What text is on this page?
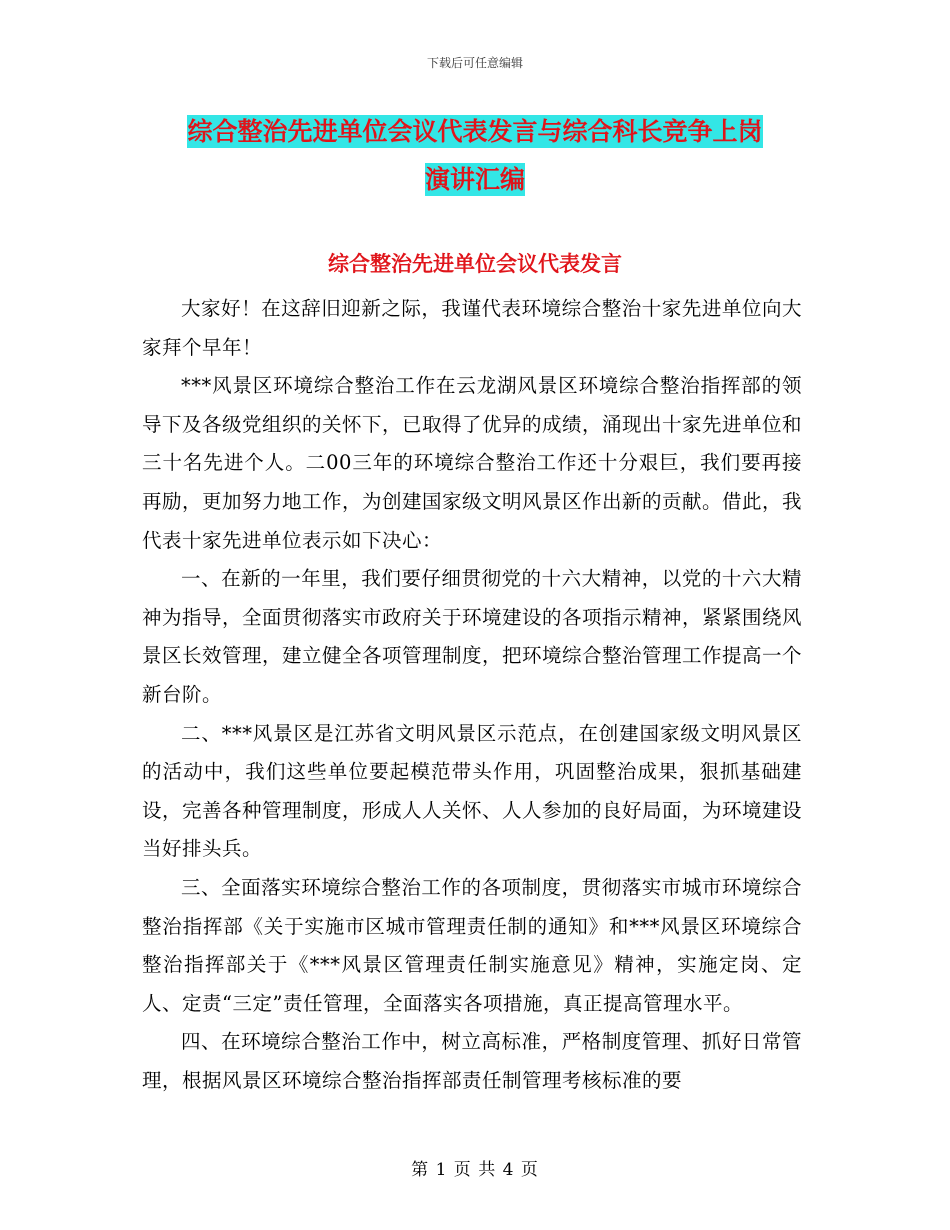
下载后可任意编辑
综合整治先进单位会议代表发言与综合科长竞争上岗
演讲汇编
综合整治先进单位会议代表发言

大家好！在这辞旧迎新之际，我谨代表环境综合整治十家先进单位向大家拜个早年！

***风景区环境综合整治工作在云龙湖风景区环境综合整治指挥部的领导下及各级党组织的关怀下，已取得了优异的成绩，涌现出十家先进单位和三十名先进个人。二00三年的环境综合整治工作还十分艰巨，我们要再接再励，更加努力地工作，为创建国家级文明风景区作出新的贡献。借此，我代表十家先进单位表示如下决心：

一、在新的一年里，我们要仔细贯彻党的十六大精神，以党的十六大精神为指导，全面贯彻落实市政府关于环境建设的各项指示精神，紧紧围绕风景区长效管理，建立健全各项管理制度，把环境综合整治管理工作提高一个新台阶。

二、***风景区是江苏省文明风景区示范点，在创建国家级文明风景区的活动中，我们这些单位要起模范带头作用，巩固整治成果，狠抓基础建设，完善各种管理制度，形成人人关怀、人人参加的良好局面，为环境建设当好排头兵。

三、全面落实环境综合整治工作的各项制度，贯彻落实市城市环境综合整治指挥部《关于实施市区城市管理责任制的通知》和***风景区环境综合整治指挥部关于《***风景区管理责任制实施意见》精神，实施定岗、定人、定责“三定”责任管理，全面落实各项措施，真正提高管理水平。

四、在环境综合整治工作中，树立高标准，严格制度管理、抓好日常管理，根据风景区环境综合整治指挥部责任制管理考核标准的要

第 1 页 共 4 页
